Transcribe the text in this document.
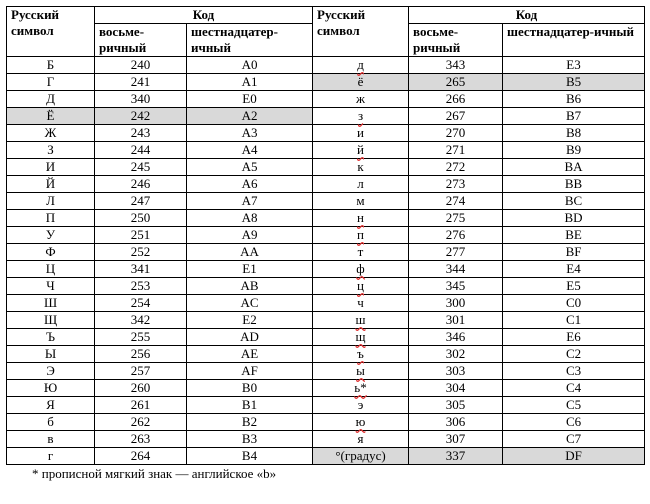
Русский символ	Код		Русский символ	Код	
	восьме-ричный	шестнадцатер-ичный		восьме-ричный	шестнадцатер-ичный
Б	240	A0	д	343	E3
Г	241	A1	ё	265	B5
Д	340	E0	ж	266	B6
Ё	242	A2	з	267	B7
Ж	243	A3	и	270	B8
З	244	A4	й	271	B9
И	245	A5	к	272	BA
Й	246	A6	л	273	BB
Л	247	A7	м	274	BC
П	250	A8	н	275	BD
У	251	A9	п	276	BE
Ф	252	AA	т	277	BF
Ц	341	E1	ф	344	E4
Ч	253	AB	ц	345	E5
Ш	254	AC	ч	300	C0
Щ	342	E2	ш	301	C1
Ъ	255	AD	щ	346	E6
Ы	256	AE	ъ	302	C2
Э	257	AF	ы	303	C3
Ю	260	B0	ь*	304	C4
Я	261	B1	э	305	C5
б	262	B2	ю	306	C6
в	263	B3	я	307	C7
г	264	B4	°(градус)	337	DF
* прописной мягкий знак — английское «b»
